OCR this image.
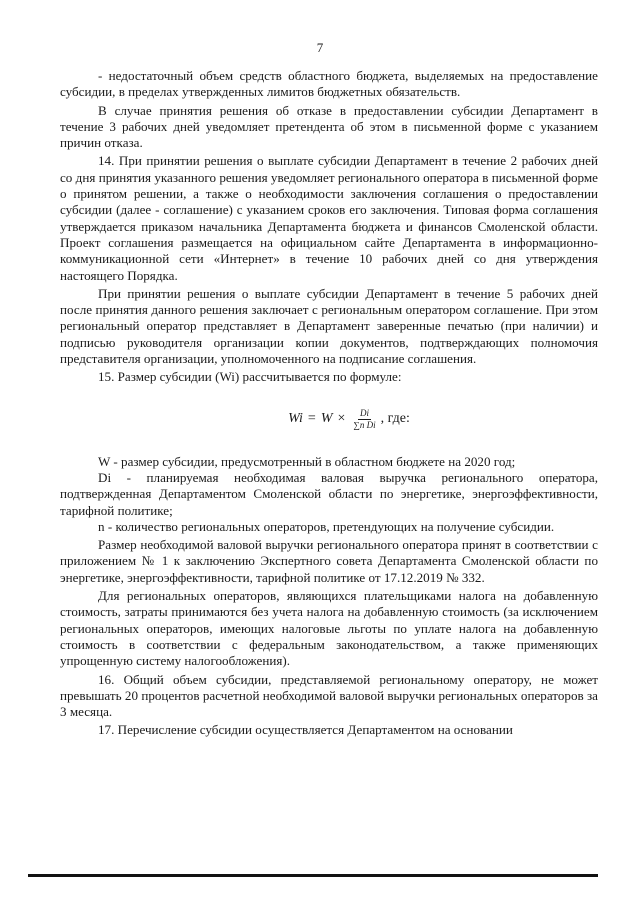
7

- недостаточный объем средств областного бюджета, выделяемых на предоставление субсидии, в пределах утвержденных лимитов бюджетных обязательств.

В случае принятия решения об отказе в предоставлении субсидии Департамент в течение 3 рабочих дней уведомляет претендента об этом в письменной форме с указанием причин отказа.

14. При принятии решения о выплате субсидии Департамент в течение 2 рабочих дней со дня принятия указанного решения уведомляет регионального оператора в письменной форме о принятом решении, а также о необходимости заключения соглашения о предоставлении субсидии (далее - соглашение) с указанием сроков его заключения. Типовая форма соглашения утверждается приказом начальника Департамента бюджета и финансов Смоленской области. Проект соглашения размещается на официальном сайте Департамента в информационно-коммуникационной сети «Интернет» в течение 10 рабочих дней со дня утверждения настоящего Порядка.

При принятии решения о выплате субсидии Департамент в течение 5 рабочих дней после принятия данного решения заключает с региональным оператором соглашение. При этом региональный оператор представляет в Департамент заверенные печатью (при наличии) и подписью руководителя организации копии документов, подтверждающих полномочия представителя организации, уполномоченного на подписание соглашения.

15. Размер субсидии (Wi) рассчитывается по формуле:

$Wi = W \times \frac{Di}{\text{∑n Di}}$ , где:

W - размер субсидии, предусмотренный в областном бюджете на 2020 год;

Di - планируемая необходимая валовая выручка регионального оператора, подтвержденная Департаментом Смоленской области по энергетике, энергоэффективности, тарифной политике;

n - количество региональных операторов, претендующих на получение субсидии.

Размер необходимой валовой выручки регионального оператора принят в соответствии с приложением № 1 к заключению Экспертного совета Департамента Смоленской области по энергетике, энергоэффективности, тарифной политике от 17.12.2019 № 332.

Для региональных операторов, являющихся плательщиками налога на добавленную стоимость, затраты принимаются без учета налога на добавленную стоимость (за исключением региональных операторов, имеющих налоговые льготы по уплате налога на добавленную стоимость в соответствии с федеральным законодательством, а также применяющих упрощенную систему налогообложения).

16. Общий объем субсидии, представляемой региональному оператору, не может превышать 20 процентов расчетной необходимой валовой выручки региональных операторов за 3 месяца.

17. Перечисление субсидии осуществляется Департаментом на основании
